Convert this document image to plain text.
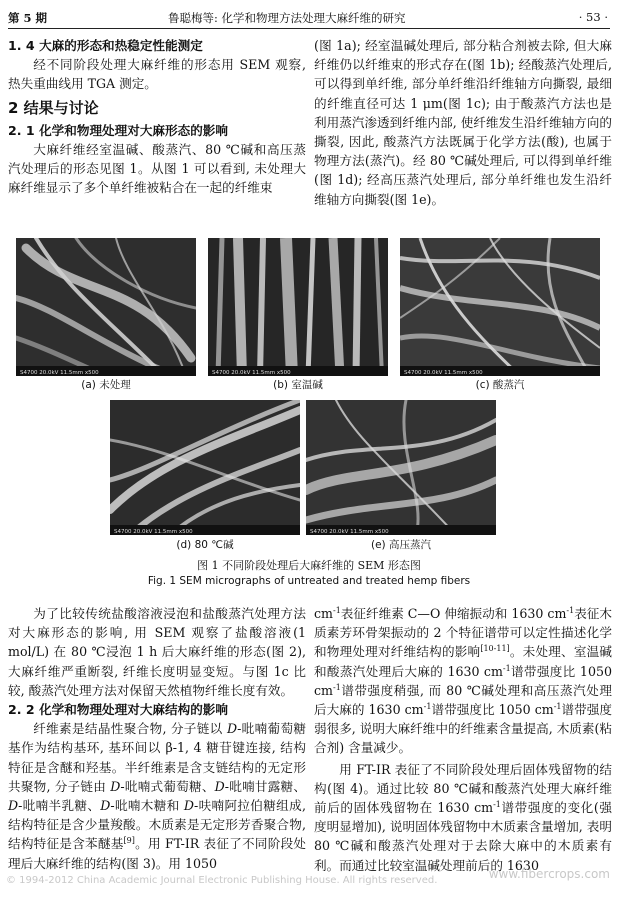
第 5 期	鲁聪梅等: 化学和物理方法处理大麻纤维的研究	· 53 ·

1. 4 大麻的形态和热稳定性能测定

经不同阶段处理大麻纤维的形态用 SEM 观察, 热失重曲线用 TGA 测定。

2 结果与讨论

2. 1 化学和物理处理对大麻形态的影响

大麻纤维经室温碱、酸蒸汽、80 ℃碱和高压蒸汽处理后的形态见图 1。从图 1 可以看到, 未处理大麻纤维显示了多个单纤维被粘合在一起的纤维束

(图 1a); 经室温碱处理后, 部分粘合剂被去除, 但大麻纤维仍以纤维束的形式存在(图 1b); 经酸蒸汽处理后, 可以得到单纤维, 部分单纤维沿纤维轴方向撕裂, 最细的纤维直径可达 1 μm(图 1c); 由于酸蒸汽方法也是利用蒸汽渗透到纤维内部, 使纤维发生沿纤维轴方向的撕裂, 因此, 酸蒸汽方法既属于化学方法(酸), 也属于物理方法(蒸汽)。经 80 ℃碱处理后, 可以得到单纤维(图 1d); 经高压蒸汽处理后, 部分单纤维也发生沿纤维轴方向撕裂(图 1e)。

S4700 20.0kV 11.5mm x500	S4700 20.0kV 11.5mm x500	S4700 20.0kV 11.5mm x500
(a) 未处理	(b) 室温碱	(c) 酸蒸汽
S4700 20.0kV 11.5mm x500	S4700 20.0kV 11.5mm x500
(d) 80 ℃碱	(e) 高压蒸汽
图 1 不同阶段处理后大麻纤维的 SEM 形态图
Fig. 1 SEM micrographs of untreated and treated hemp fibers

为了比较传统盐酸溶液浸泡和盐酸蒸汽处理方法对大麻形态的影响, 用 SEM 观察了盐酸溶液(1 mol/L) 在 80 ℃浸泡 1 h 后大麻纤维的形态(图 2), 大麻纤维严重断裂, 纤维长度明显变短。与图 1c 比较, 酸蒸汽处理方法对保留天然植物纤维长度有效。

2. 2 化学和物理处理对大麻结构的影响

纤维素是结晶性聚合物, 分子链以 D-吡喃葡萄糖基作为结构基环, 基环间以 β-1, 4 糖苷键连接, 结构特征是含醚和羟基。半纤维素是含支链结构的无定形共聚物, 分子链由 D-吡喃式葡萄糖、D-吡喃甘露糖、D-吡喃半乳糖、D-吡喃木糖和 D-呋喃阿拉伯糖组成, 结构特征是含少量羧酸。木质素是无定形芳香聚合物, 结构特征是含苯醚基[9]。用 FT-IR 表征了不同阶段处理后大麻纤维的结构(图 3)。用 1050

$cm^{-1}$表征纤维素 C—O 伸缩振动和 1630 $cm^{-1}$表征木质素芳环骨架振动的 2 个特征谱带可以定性描述化学和物理处理对纤维结构的影响[10-11]。未处理、室温碱和酸蒸汽处理后大麻的 1630 $cm^{-1}$谱带强度比 1050 $cm^{-1}$谱带强度稍强, 而 80 ℃碱处理和高压蒸汽处理后大麻的 1630 $cm^{-1}$谱带强度比 1050 $cm^{-1}$谱带强度弱很多, 说明大麻纤维中的纤维素含量提高, 木质素(粘合剂) 含量减少。

用 FT-IR 表征了不同阶段处理后固体残留物的结构(图 4)。通过比较 80 ℃碱和酸蒸汽处理大麻纤维前后的固体残留物在 1630 $cm^{-1}$谱带强度的变化(强度明显增加), 说明固体残留物中木质素含量增加, 表明 80 ℃碱和酸蒸汽处理对于去除大麻中的木质素有利。而通过比较室温碱处理前后的 1630

© 1994-2012 China Academic Journal Electronic Publishing House. All rights reserved.	www.fibercrops.com
